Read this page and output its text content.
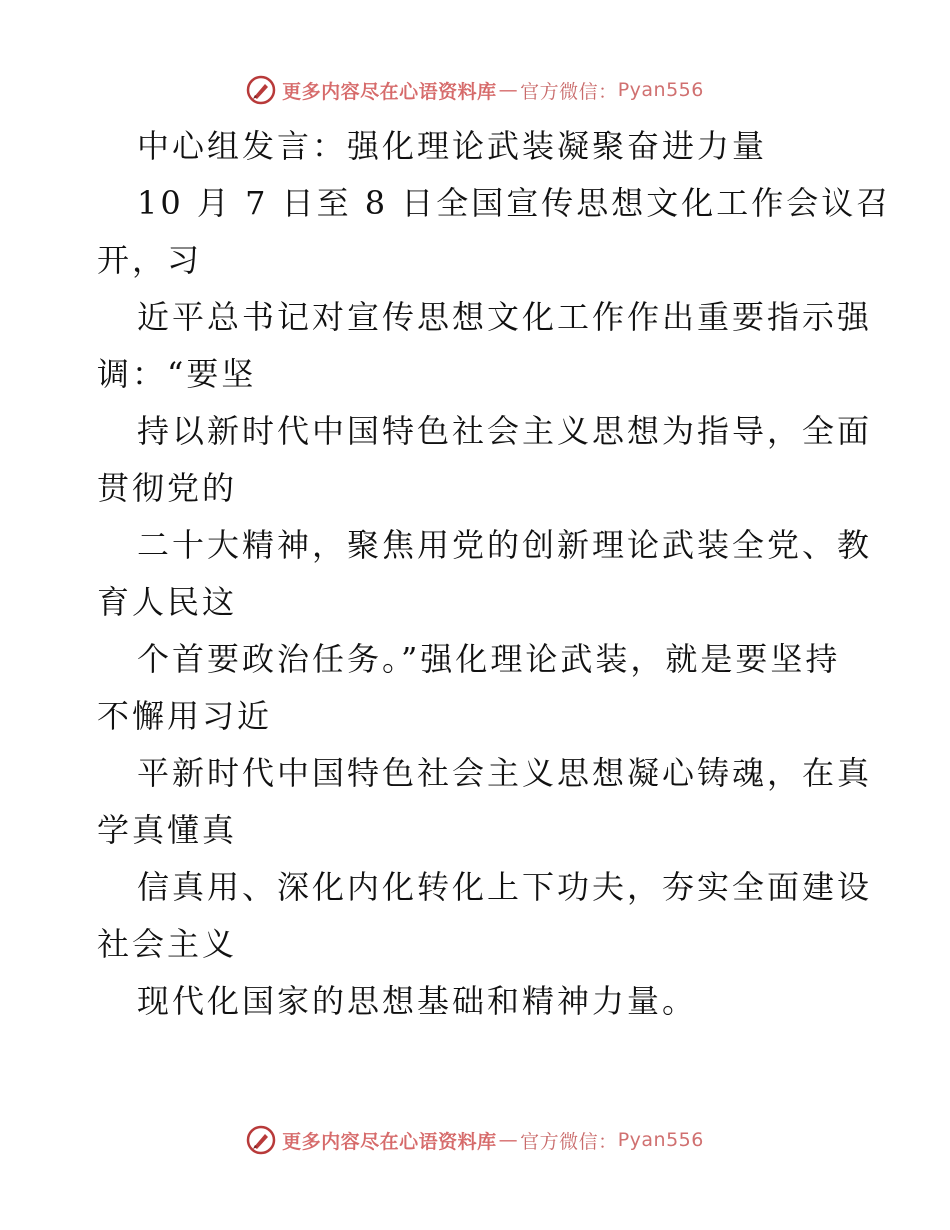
更多内容尽在心语资料库 — 官方微信： Pyan556
中心组发言：强化理论武装凝聚奋进力量
10 月 7 日至 8 日全国宣传思想文化工作会议召
开，习
近平总书记对宣传思想文化工作作出重要指示强
调：“要坚
持以新时代中国特色社会主义思想为指导，全面
贯彻党的
二十大精神，聚焦用党的创新理论武装全党、教
育人民这
个首要政治任务。”强化理论武装，就是要坚持
不懈用习近
平新时代中国特色社会主义思想凝心铸魂，在真
学真懂真
信真用、深化内化转化上下功夫，夯实全面建设
社会主义
现代化国家的思想基础和精神力量。
更多内容尽在心语资料库 — 官方微信： Pyan556
